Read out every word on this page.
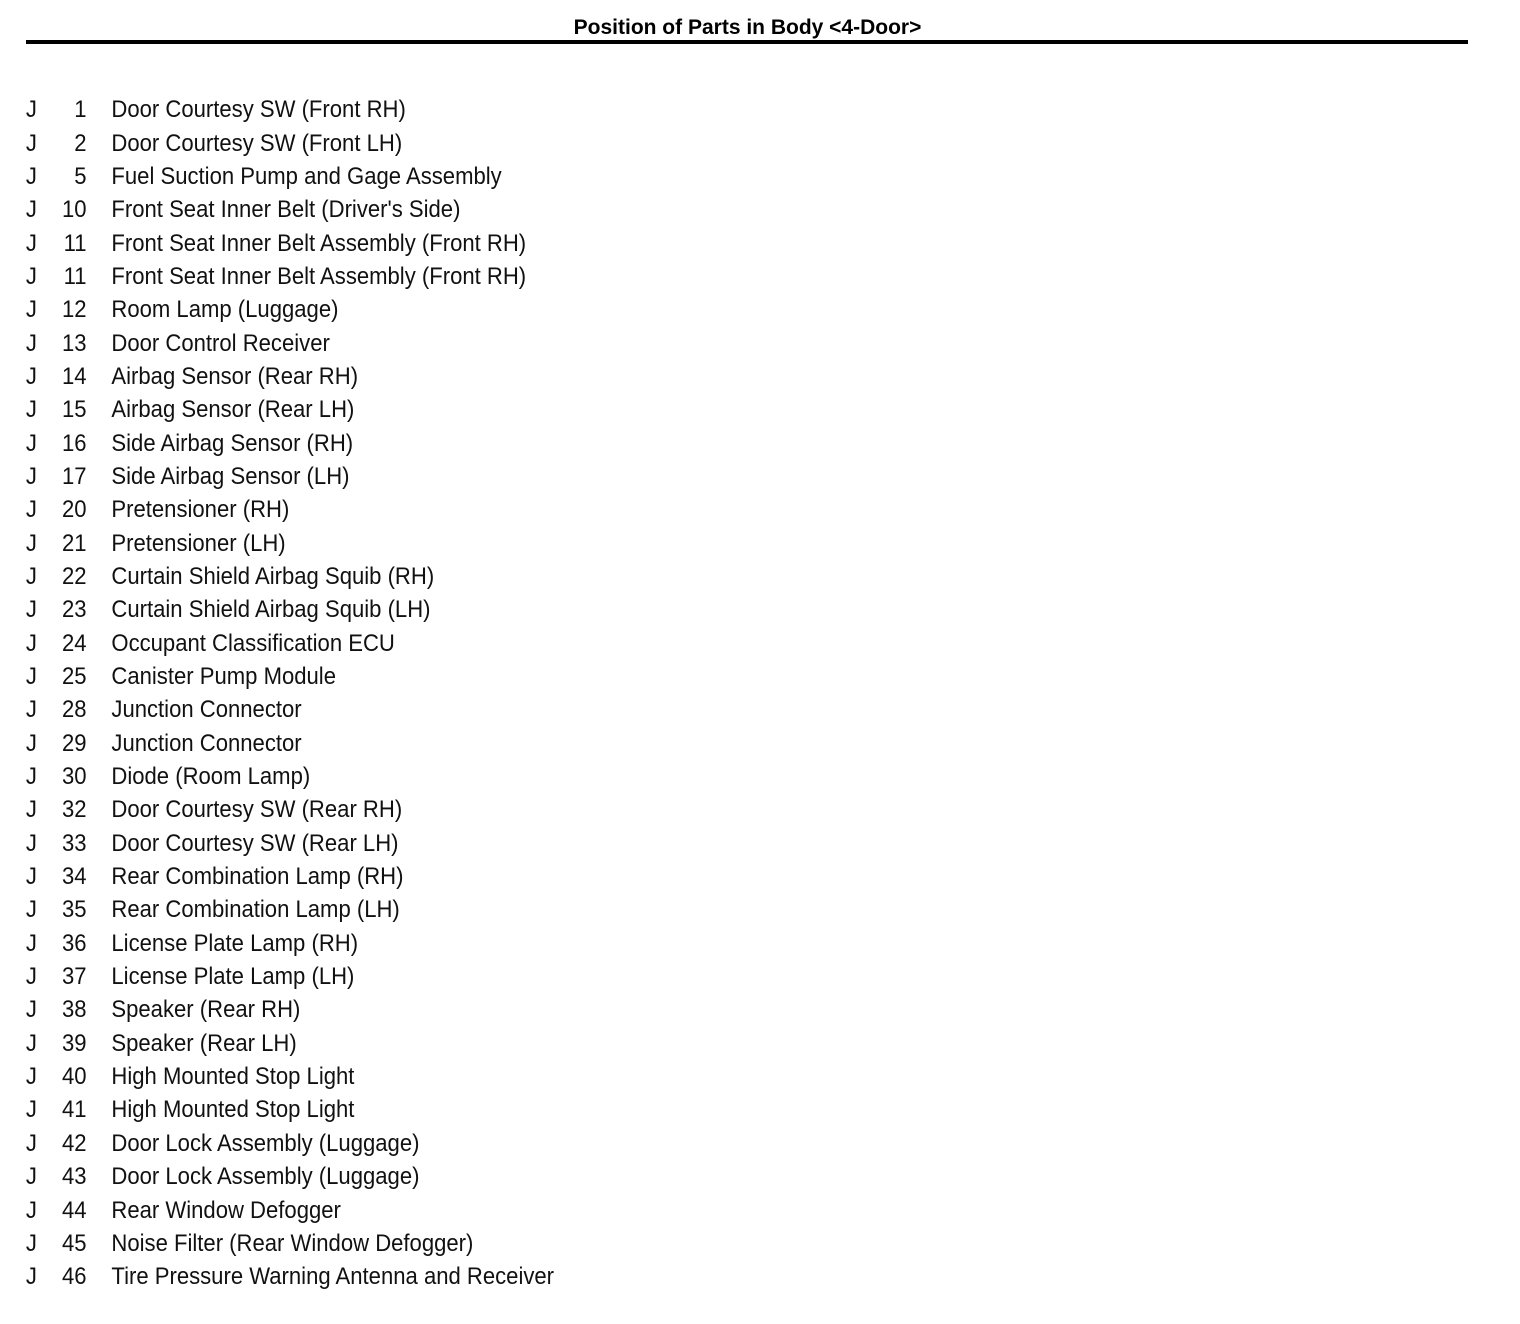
Position of Parts in Body <4-Door>
J	1	Door Courtesy SW (Front RH)
J	2	Door Courtesy SW (Front LH)
J	5	Fuel Suction Pump and Gage Assembly
J	10	Front Seat Inner Belt (Driver's Side)
J	11	Front Seat Inner Belt Assembly (Front RH)
J	11	Front Seat Inner Belt Assembly (Front RH)
J	12	Room Lamp (Luggage)
J	13	Door Control Receiver
J	14	Airbag Sensor (Rear RH)
J	15	Airbag Sensor (Rear LH)
J	16	Side Airbag Sensor (RH)
J	17	Side Airbag Sensor (LH)
J	20	Pretensioner (RH)
J	21	Pretensioner (LH)
J	22	Curtain Shield Airbag Squib (RH)
J	23	Curtain Shield Airbag Squib (LH)
J	24	Occupant Classification ECU
J	25	Canister Pump Module
J	28	Junction Connector
J	29	Junction Connector
J	30	Diode (Room Lamp)
J	32	Door Courtesy SW (Rear RH)
J	33	Door Courtesy SW (Rear LH)
J	34	Rear Combination Lamp (RH)
J	35	Rear Combination Lamp (LH)
J	36	License Plate Lamp (RH)
J	37	License Plate Lamp (LH)
J	38	Speaker (Rear RH)
J	39	Speaker (Rear LH)
J	40	High Mounted Stop Light
J	41	High Mounted Stop Light
J	42	Door Lock Assembly (Luggage)
J	43	Door Lock Assembly (Luggage)
J	44	Rear Window Defogger
J	45	Noise Filter (Rear Window Defogger)
J	46	Tire Pressure Warning Antenna and Receiver
